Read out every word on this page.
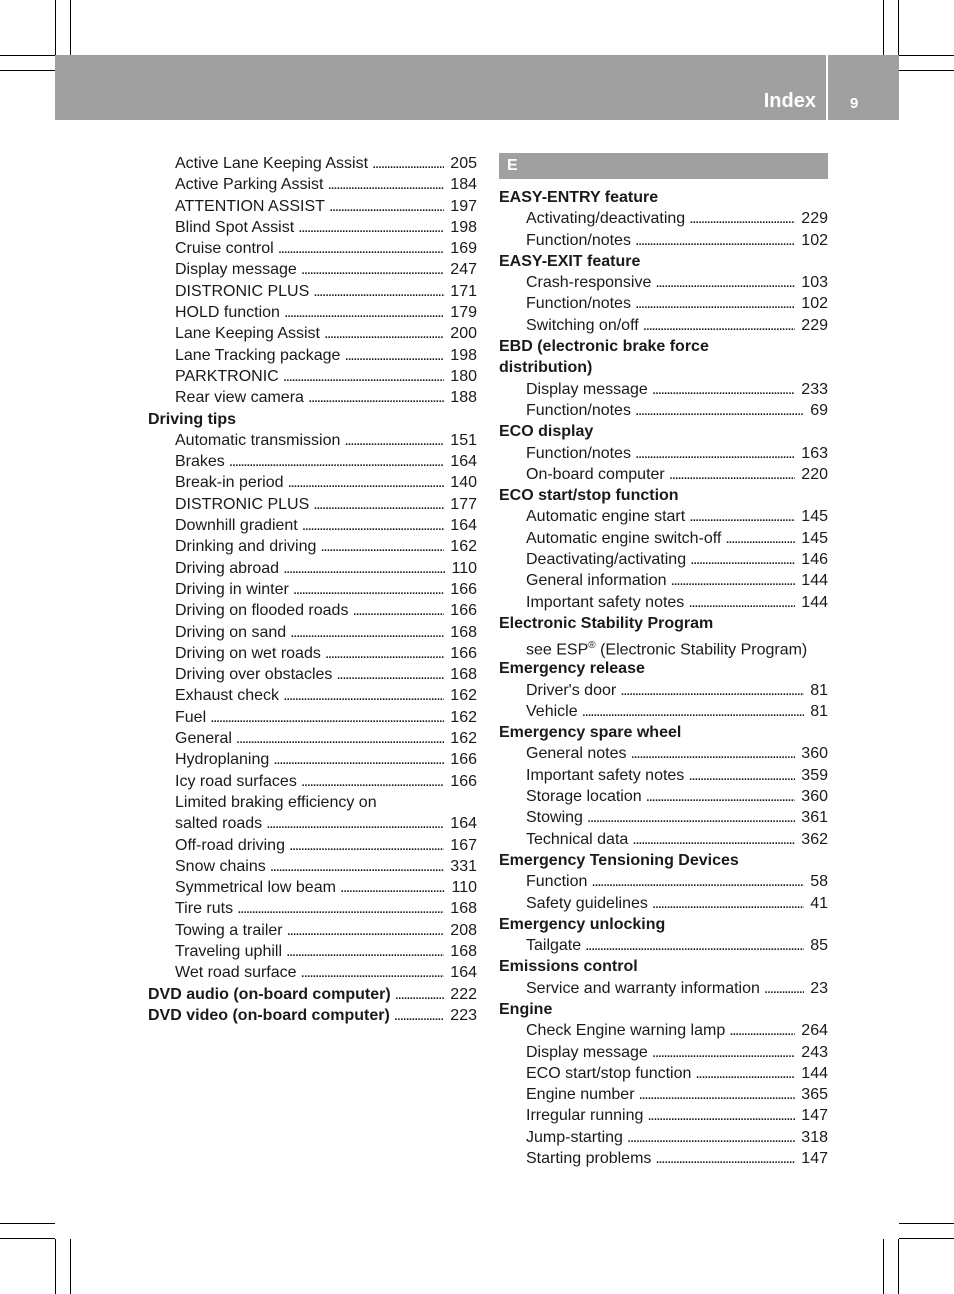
Index 9
Active Lane Keeping Assist . . .	205
Active Parking Assist . . .	184
ATTENTION ASSIST . . .	197
Blind Spot Assist . . .	198
Cruise control . . .	169
Display message . . .	247
DISTRONIC PLUS . . .	171
HOLD function . . .	179
Lane Keeping Assist . . .	200
Lane Tracking package . . .	198
PARKTRONIC . . .	180
Rear view camera . . .	188
Driving tips
Automatic transmission . . .	151
Brakes . . .	164
Break-in period . . .	140
DISTRONIC PLUS . . .	177
Downhill gradient . . .	164
Drinking and driving . . .	162
Driving abroad . . .	110
Driving in winter . . .	166
Driving on flooded roads . . .	166
Driving on sand . . .	168
Driving on wet roads . . .	166
Driving over obstacles . . .	168
Exhaust check . . .	162
Fuel . . .	162
General . . .	162
Hydroplaning . . .	166
Icy road surfaces . . .	166
Limited braking efficiency on
salted roads . . .	164
Off-road driving . . .	167
Snow chains . . .	331
Symmetrical low beam . . .	110
Tire ruts . . .	168
Towing a trailer . . .	208
Traveling uphill . . .	168
Wet road surface . . .	164
DVD audio (on-board computer) . . .	222
DVD video (on-board computer) . . .	223
E
EASY-ENTRY feature
Activating/deactivating . . .	229
Function/notes . . .	102
EASY-EXIT feature
Crash-responsive . . .	103
Function/notes . . .	102
Switching on/off . . .	229
EBD (electronic brake force
distribution)
Display message . . .	233
Function/notes . . .	69
ECO display
Function/notes . . .	163
On-board computer . . .	220
ECO start/stop function
Automatic engine start . . .	145
Automatic engine switch-off . . .	145
Deactivating/activating . . .	146
General information . . .	144
Important safety notes . . .	144
Electronic Stability Program
see ESP® (Electronic Stability Program)
Emergency release
Driver's door . . .	81
Vehicle . . .	81
Emergency spare wheel
General notes . . .	360
Important safety notes . . .	359
Storage location . . .	360
Stowing . . .	361
Technical data . . .	362
Emergency Tensioning Devices
Function . . .	58
Safety guidelines . . .	41
Emergency unlocking
Tailgate . . .	85
Emissions control
Service and warranty information . . .	23
Engine
Check Engine warning lamp . . .	264
Display message . . .	243
ECO start/stop function . . .	144
Engine number . . .	365
Irregular running . . .	147
Jump-starting . . .	318
Starting problems . . .	147
